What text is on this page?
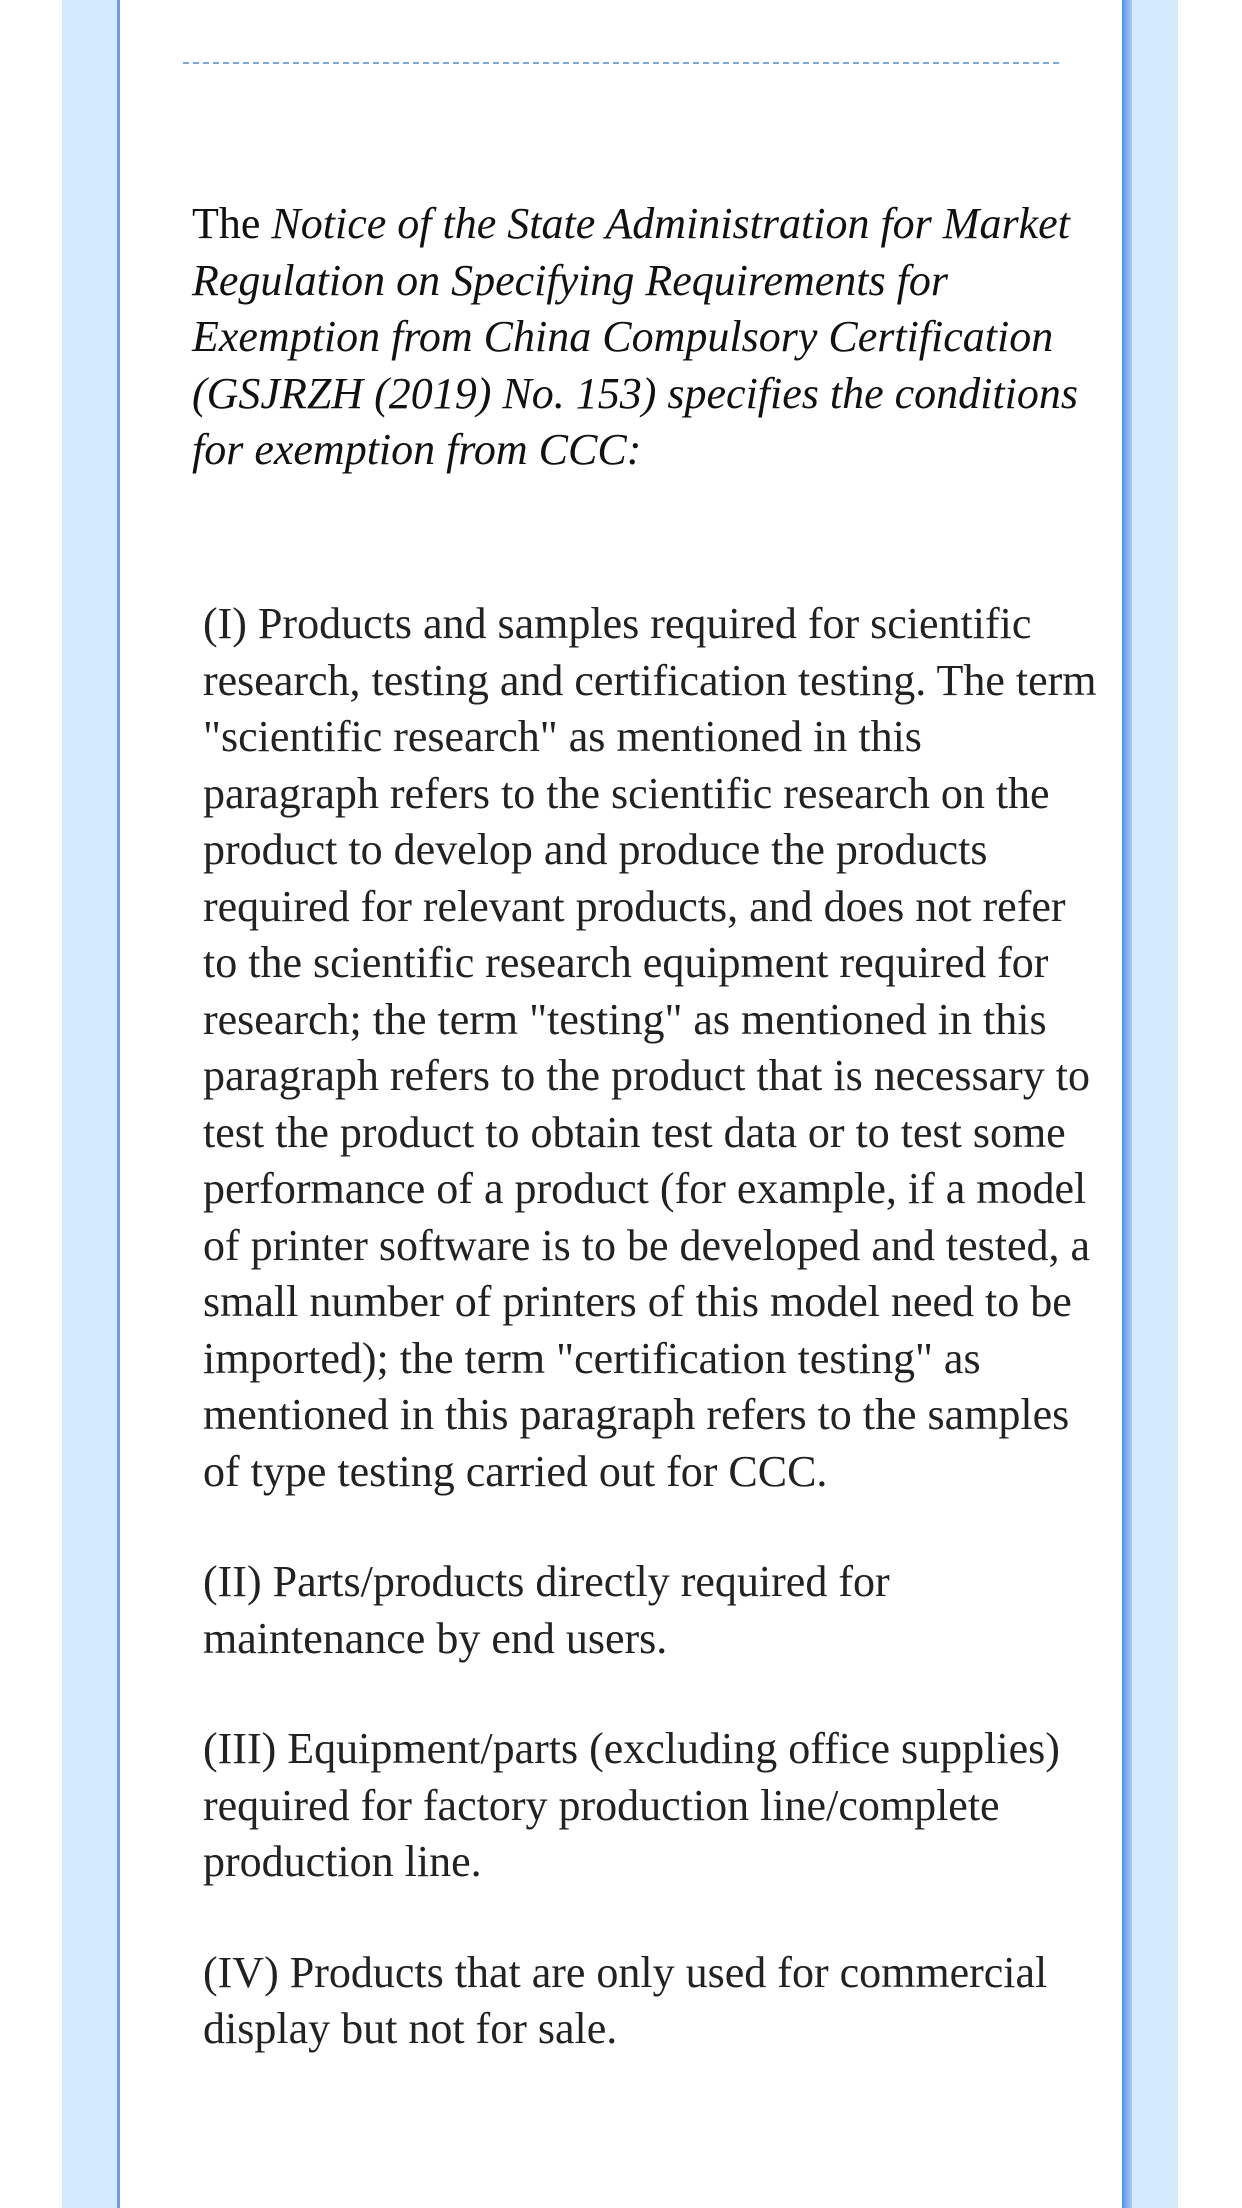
The Notice of the State Administration for Market Regulation on Specifying Requirements for Exemption from China Compulsory Certification (GSJRZH (2019) No. 153) specifies the conditions for exemption from CCC:

(I) Products and samples required for scientific research, testing and certification testing. The term "scientific research" as mentioned in this paragraph refers to the scientific research on the product to develop and produce the products required for relevant products, and does not refer to the scientific research equipment required for research; the term "testing" as mentioned in this paragraph refers to the product that is necessary to test the product to obtain test data or to test some performance of a product (for example, if a model of printer software is to be developed and tested, a small number of printers of this model need to be imported); the term "certification testing" as mentioned in this paragraph refers to the samples of type testing carried out for CCC.

(II) Parts/products directly required for maintenance by end users.

(III) Equipment/parts (excluding office supplies) required for factory production line/complete production line.

(IV) Products that are only used for commercial display but not for sale.
